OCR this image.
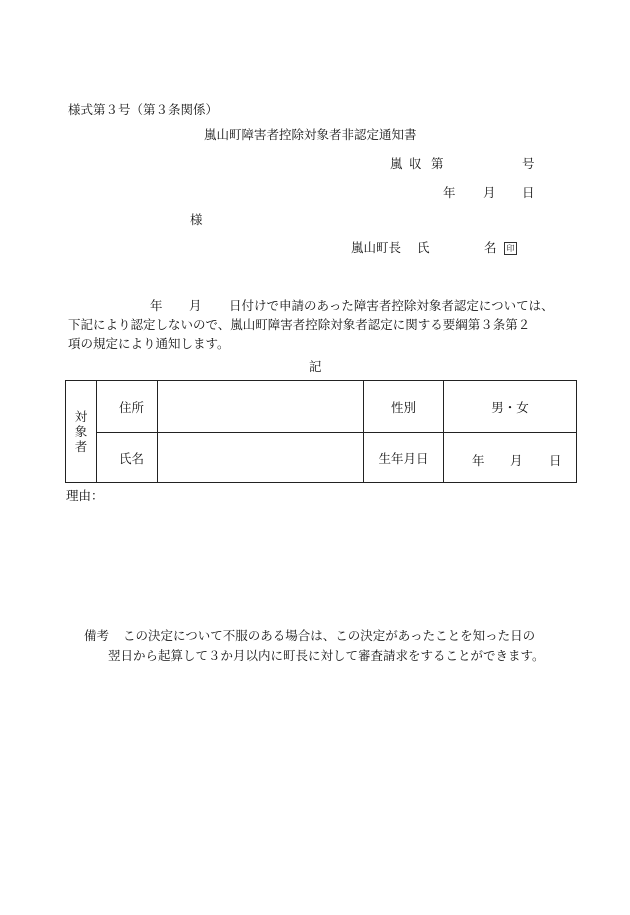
様式第３号（第３条関係）
嵐山町障害者控除対象者非認定通知書
嵐 収 第	号
年 月 日
様
嵐山町長 氏	名	印
年 月 日付けで申請のあった障害者控除対象者認定については、
下記により認定しないので、嵐山町障害者控除対象者認定に関する要綱第３条第２
項の規定により通知します。
記
対
象
者	住所		性別	男・女
	氏名		生年月日	年 月 日
理由：
備考 この決定について不服のある場合は、この決定があったことを知った日の
翌日から起算して３か月以内に町長に対して審査請求をすることができます。
